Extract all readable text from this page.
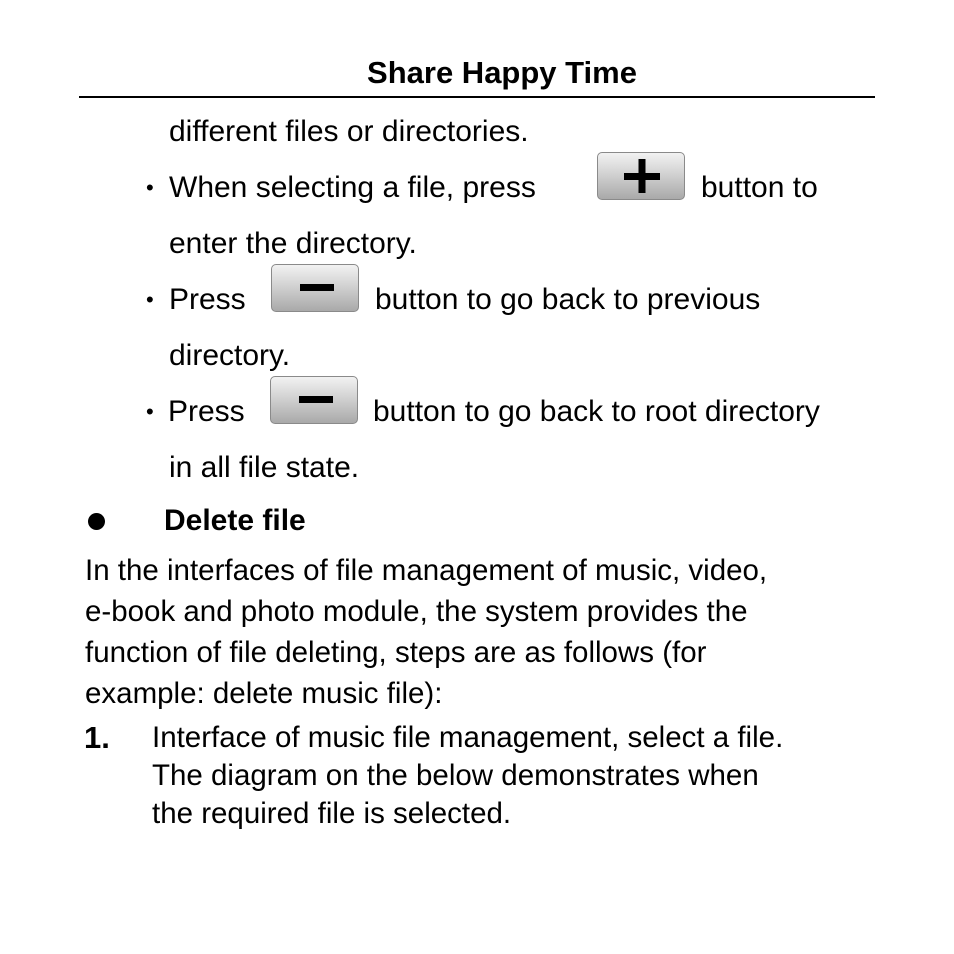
Share Happy Time
different files or directories.
• When selecting a file, press	button to
enter the directory.
• Press	button to go back to previous
directory.
• Press	button to go back to root directory
in all file state.
Delete file
In the interfaces of file management of music, video,
e-book and photo module, the system provides the
function of file deleting, steps are as follows (for
example: delete music file):
1. Interface of music file management, select a file.
The diagram on the below demonstrates when
the required file is selected.
